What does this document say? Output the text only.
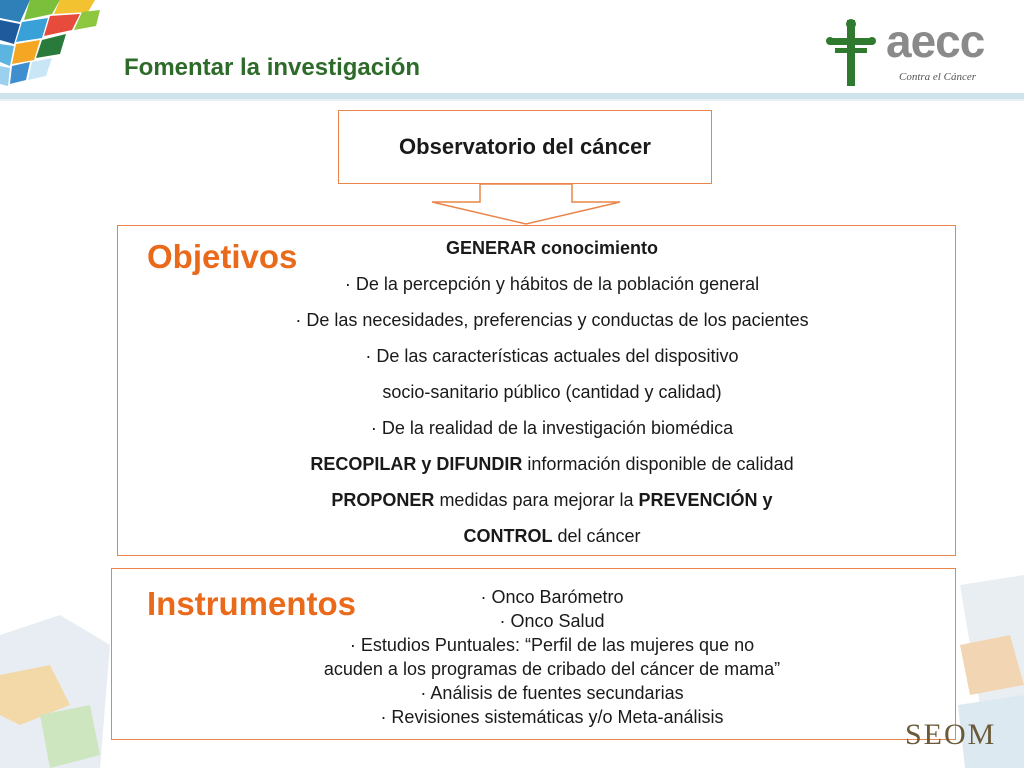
Fomentar la investigación
aecc
Contra el Cáncer
Observatorio del cáncer
Objetivos	GENERAR conocimiento
· De la percepción y hábitos de la población general
· De las necesidades, preferencias y conductas de los pacientes
· De las características actuales del dispositivo
socio-sanitario público (cantidad y calidad)
· De la realidad de la investigación biomédica
RECOPILAR y DIFUNDIR información disponible de calidad
PROPONER medidas para mejorar la PREVENCIÓN y
CONTROL del cáncer
Instrumentos	· Onco Barómetro
· Onco Salud
· Estudios Puntuales: “Perfil de las mujeres que no
acuden a los programas de cribado del cáncer de mama”
· Análisis de fuentes secundarias
· Revisiones sistemáticas y/o Meta-análisis
SEOM
